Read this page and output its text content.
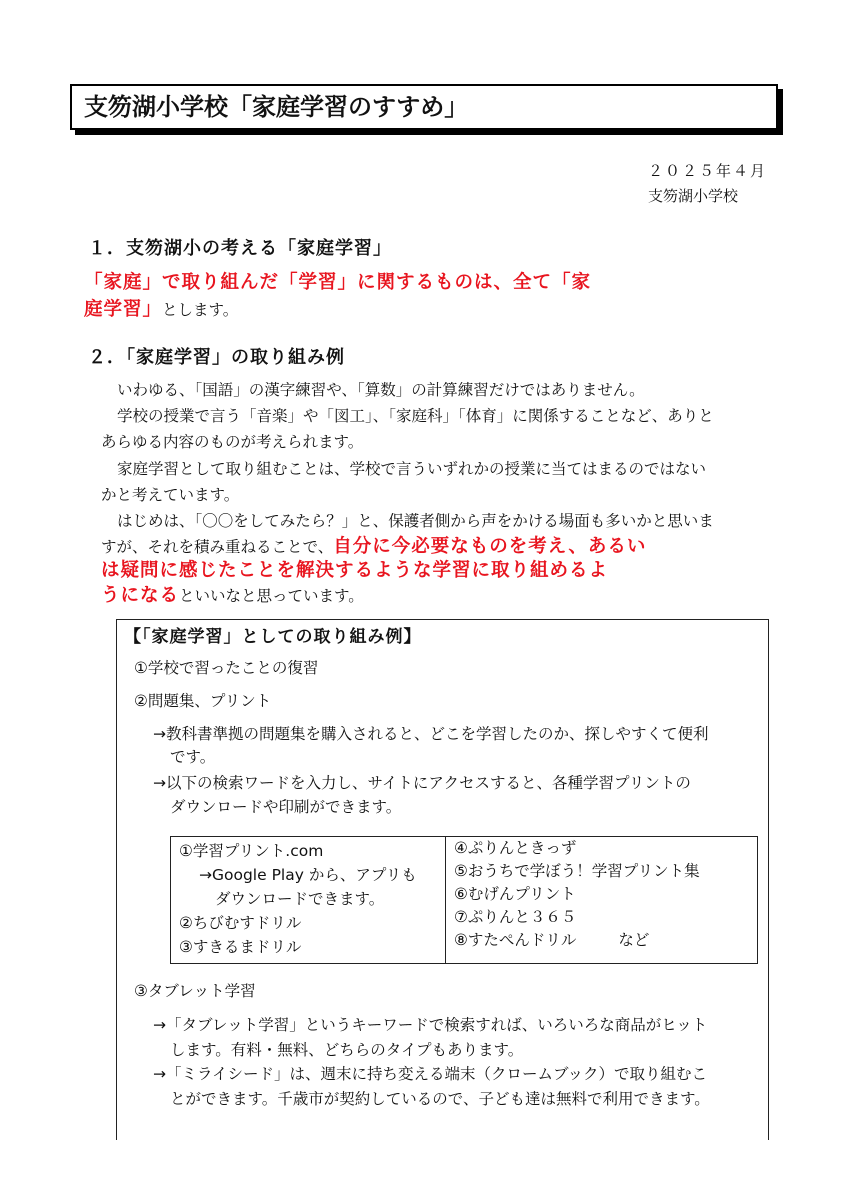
支笏湖小学校「家庭学習のすすめ」
２０２５年４月
支笏湖小学校
１．支笏湖小の考える「家庭学習」
「家庭」で取り組んだ「学習」に関するものは、全て「家
庭学習」とします。
２．「家庭学習」の取り組み例
いわゆる、「国語」の漢字練習や、「算数」の計算練習だけではありません。
学校の授業で言う「音楽」や「図工」、「家庭科」「体育」に関係することなど、ありと
あらゆる内容のものが考えられます。
家庭学習として取り組むことは、学校で言ういずれかの授業に当てはまるのではない
かと考えています。
はじめは、「〇〇をしてみたら？」と、保護者側から声をかける場面も多いかと思いま
すが、それを積み重ねることで、自分に今必要なものを考え、あるい
は疑問に感じたことを解決するような学習に取り組めるよ
うになるといいなと思っています。
【「家庭学習」としての取り組み例】
①学校で習ったことの復習
②問題集、プリント
→教科書準拠の問題集を購入されると、どこを学習したのか、探しやすくて便利
です。
→以下の検索ワードを入力し、サイトにアクセスすると、各種学習プリントの
ダウンロードや印刷ができます。
①学習プリント.com
→Google Play から、アプリも
ダウンロードできます。
②ちびむすドリル
③すきるまドリル

④ぷりんときっず
⑤おうちで学ぼう！学習プリント集
⑥むげんプリント
⑦ぷりんと３６５
⑧すたぺんドリル	など
③タブレット学習
→「タブレット学習」というキーワードで検索すれば、いろいろな商品がヒット
します。有料・無料、どちらのタイプもあります。
→「ミライシード」は、週末に持ち変える端末（クロームブック）で取り組むこ
とができます。千歳市が契約しているので、子ども達は無料で利用できます。
